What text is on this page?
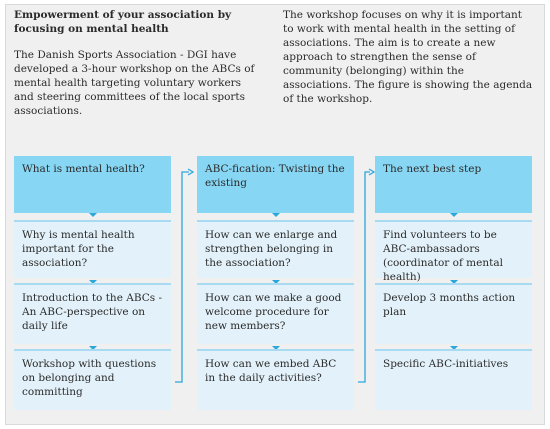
Empowerment of your association by focusing on mental health
The Danish Sports Association - DGI have developed a 3-hour workshop on the ABCs of mental health targeting voluntary workers and steering committees of the local sports associations.
The workshop focuses on why it is important to work with mental health in the setting of associations. The aim is to create a new approach to strengthen the sense of community (belonging) within the associations. The figure is showing the agenda of the workshop.
What is mental health?
Why is mental health important for the association?
Introduction to the ABCs - An ABC-perspective on daily life
Workshop with questions on belonging and committing
ABC-fication: Twisting the existing
How can we enlarge and strengthen belonging in the association?
How can we make a good welcome procedure for new members?
How can we embed ABC in the daily activities?
The next best step
Find volunteers to be ABC-ambassadors (coordinator of mental health)
Develop 3 months action plan
Specific ABC-initiatives
